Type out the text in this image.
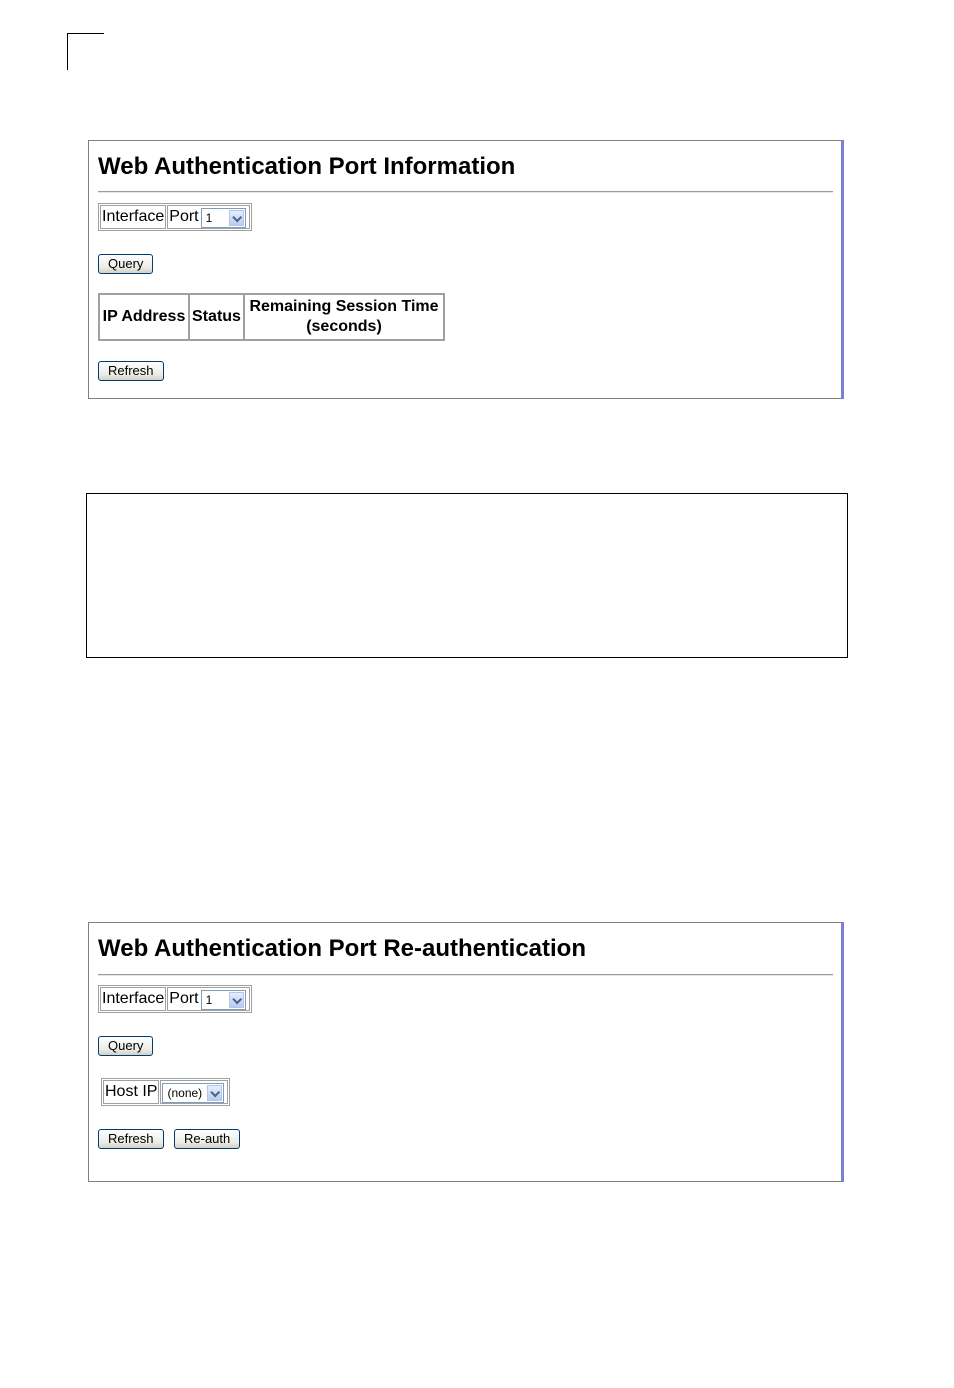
Web Authentication Port Information
Interface Port 1
Query
IP Address	Status	Remaining Session Time (seconds)
Refresh
Web Authentication Port Re-authentication
Interface Port 1
Query
Host IP (none)
Refresh	Re-auth
